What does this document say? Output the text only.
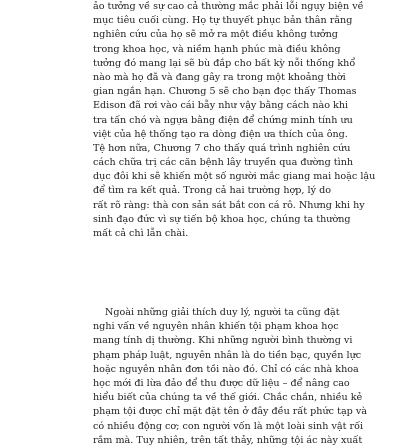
ảo tưởng về sự cao cả thường mắc phải lỗi ngụy biện về
mục tiêu cuối cùng. Họ tự thuyết phục bản thân rằng
nghiên cứu của họ sẽ mở ra một điều không tưởng
trong khoa học, và niềm hạnh phúc mà điều không
tưởng đó mang lại sẽ bù đắp cho bất kỳ nỗi thống khổ
nào mà họ đã và đang gây ra trong một khoảng thời
gian ngắn hạn. Chương 5 sẽ cho bạn đọc thấy Thomas
Edison đã rơi vào cái bẫy như vậy bằng cách nào khi
tra tấn chó và ngựa bằng điện để chứng minh tính ưu
việt của hệ thống tạo ra dòng điện ưa thích của ông.
Tệ hơn nữa, Chương 7 cho thấy quá trình nghiên cứu
cách chữa trị các căn bệnh lây truyền qua đường tình
dục đôi khi sẽ khiến một số người mắc giang mai hoặc lậu
để tìm ra kết quả. Trong cả hai trường hợp, lý do
rất rõ ràng: thà con sản sát bắt con cá rô. Nhưng khi hy
sinh đạo đức vì sự tiến bộ khoa học, chúng ta thường
mất cả chì lẫn chài.
Ngoài những giải thích duy lý, người ta cũng đặt
nghi vấn về nguyên nhân khiến tội phạm khoa học
mang tính dị thường. Khi những người bình thường vi
phạm pháp luật, nguyên nhân là do tiền bạc, quyền lực
hoặc nguyên nhân đơn tồi nào đó. Chỉ có các nhà khoa
học mới đi lừa đảo để thu được dữ liệu – để nâng cao
hiểu biết của chúng ta về thế giới. Chắc chắn, nhiều kẻ
phạm tội được chỉ mặt đặt tên ở đây đều rất phức tạp và
có nhiều động cơ; con người vốn là một loài sinh vật rối
rắm mà. Tuy nhiên, trên tất thảy, những tội ác này xuất
